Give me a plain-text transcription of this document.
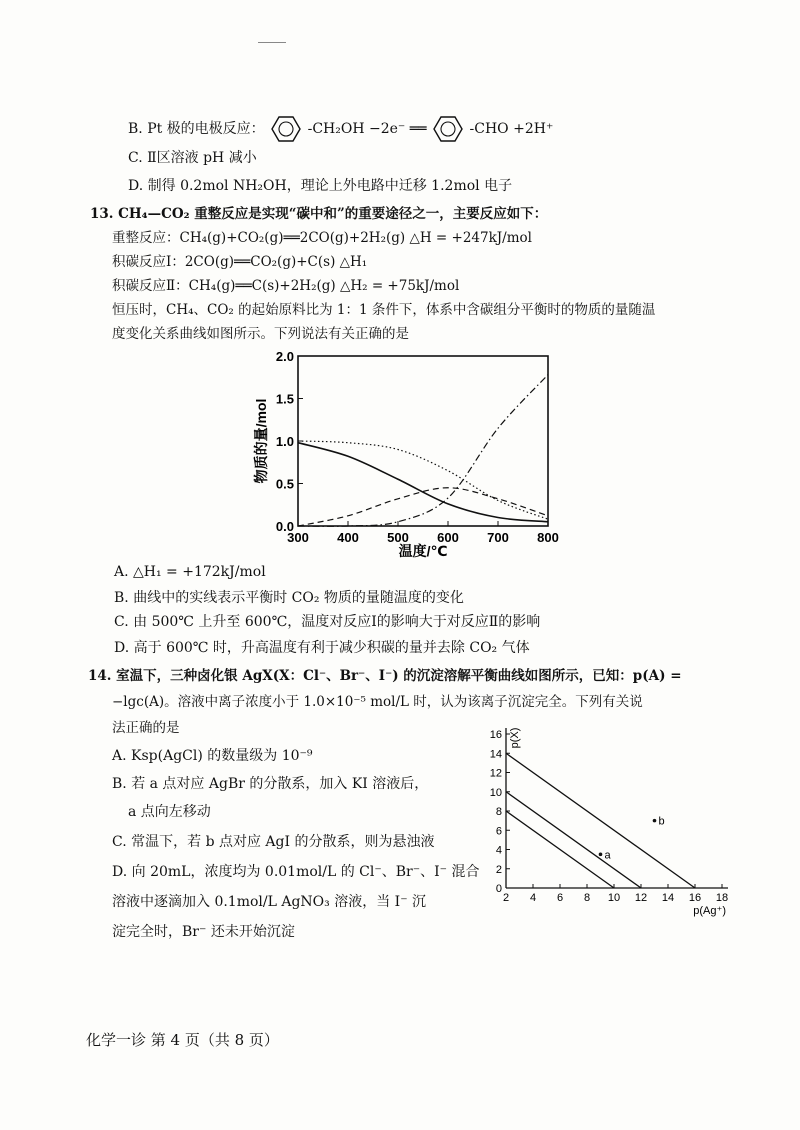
B. Pt 极的电极反应：	-CH₂OH −2e⁻ ══	-CHO +2H⁺
C. Ⅱ区溶液 pH 减小
D. 制得 0.2mol NH₂OH，理论上外电路中迁移 1.2mol 电子
13. CH₄—CO₂ 重整反应是实现“碳中和”的重要途径之一，主要反应如下：
重整反应：CH₄(g)+CO₂(g)══2CO(g)+2H₂(g) △H = +247kJ/mol
积碳反应Ⅰ：2CO(g)══CO₂(g)+C(s) △H₁
积碳反应Ⅱ：CH₄(g)══C(s)+2H₂(g) △H₂ = +75kJ/mol
恒压时，CH₄、CO₂ 的起始原料比为 1：1 条件下，体系中含碳组分平衡时的物质的量随温
度变化关系曲线如图所示。下列说法有关正确的是
300 400 500 600 700 800
0.0
0.5
1.0
1.5
2.0
温度/℃
物质的量/mol
A. △H₁ = +172kJ/mol
B. 曲线中的实线表示平衡时 CO₂ 物质的量随温度的变化
C. 由 500℃ 上升至 600℃，温度对反应Ⅰ的影响大于对反应Ⅱ的影响
D. 高于 600℃ 时，升高温度有利于减少积碳的量并去除 CO₂ 气体
14. 室温下，三种卤化银 AgX(X：Cl⁻、Br⁻、I⁻) 的沉淀溶解平衡曲线如图所示，已知：p(A) =
−lgc(A)。溶液中离子浓度小于 1.0×10⁻⁵ mol/L 时，认为该离子沉淀完全。下列有关说
法正确的是
A. Ksp(AgCl) 的数量级为 10⁻⁹
B. 若 a 点对应 AgBr 的分散系，加入 KI 溶液后，
a 点向左移动
C. 常温下，若 b 点对应 AgI 的分散系，则为悬浊液
D. 向 20mL，浓度均为 0.01mol/L 的 Cl⁻、Br⁻、I⁻ 混合
溶液中逐滴加入 0.1mol/L AgNO₃ 溶液，当 I⁻ 沉
淀完全时，Br⁻ 还未开始沉淀
2 4 6 8 10 12 14 16 18
0
2
4
6
8
10
12
14
16
p(Ag⁺)
p(X)
a
b
化学一诊 第 4 页（共 8 页）
